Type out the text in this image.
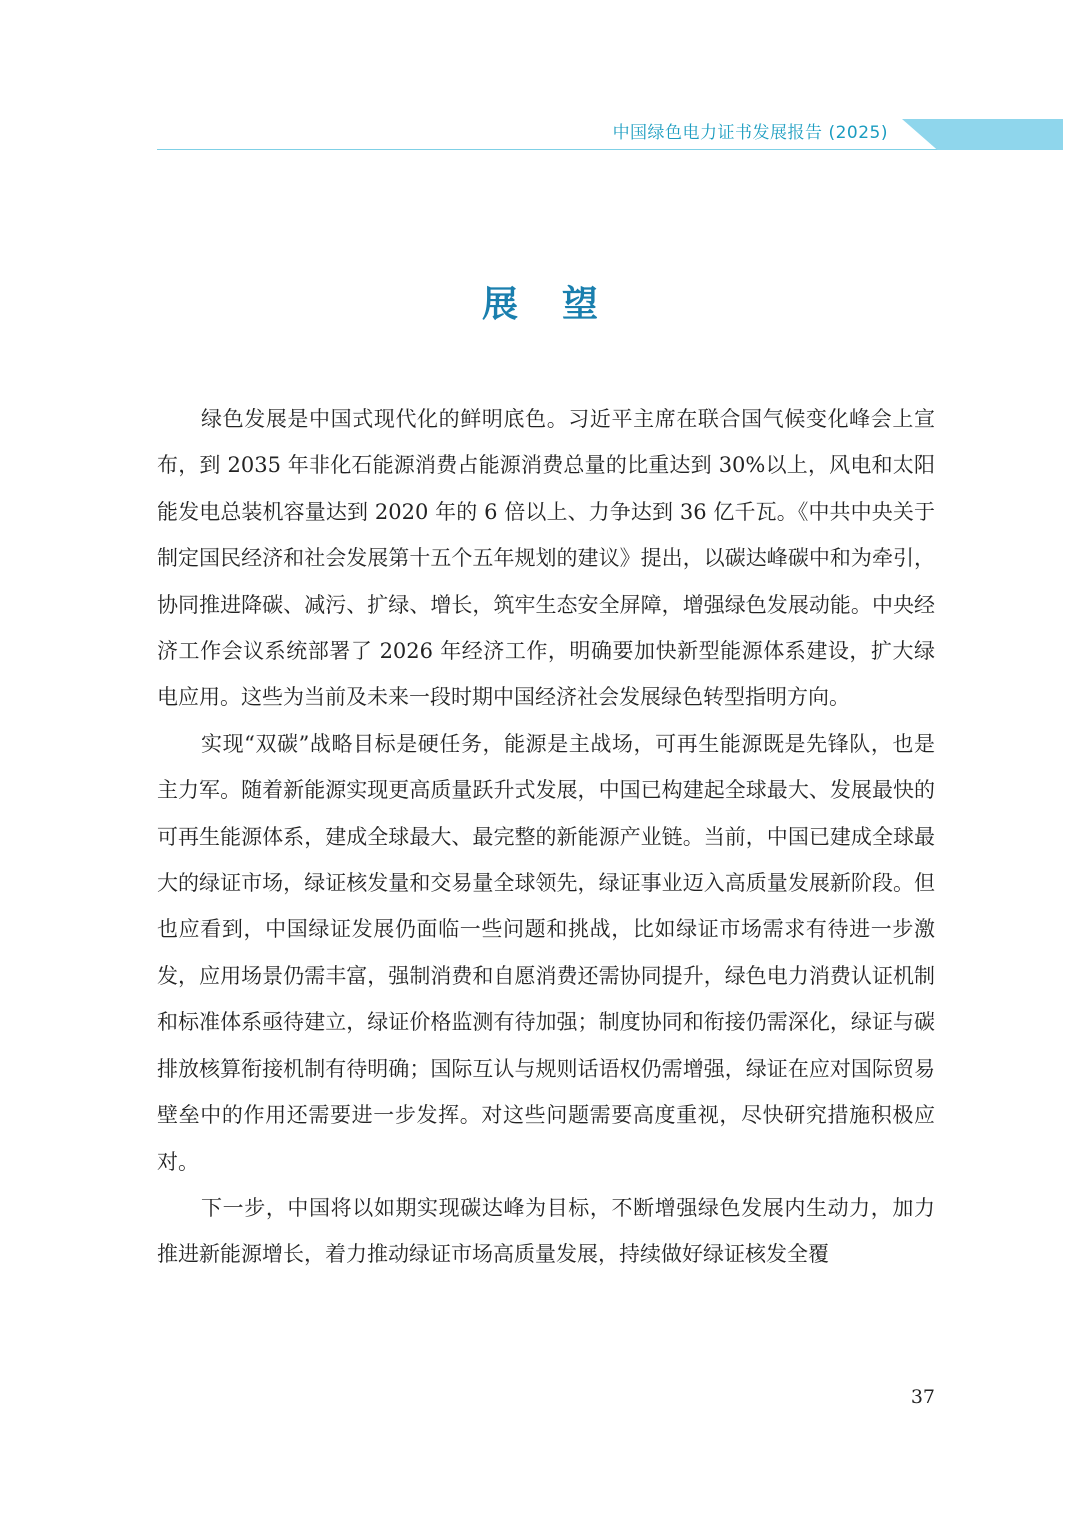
中国绿色电力证书发展报告 (2025)
展望

绿色发展是中国式现代化的鲜明底色。习近平主席在联合国气候变化峰会上宣布，到 2035 年非化石能源消费占能源消费总量的比重达到 30%以上，风电和太阳能发电总装机容量达到 2020 年的 6 倍以上、力争达到 36 亿千瓦。《中共中央关于制定国民经济和社会发展第十五个五年规划的建议》提出，以碳达峰碳中和为牵引，协同推进降碳、减污、扩绿、增长，筑牢生态安全屏障，增强绿色发展动能。中央经济工作会议系统部署了 2026 年经济工作，明确要加快新型能源体系建设，扩大绿电应用。这些为当前及未来一段时期中国经济社会发展绿色转型指明方向。

实现“双碳”战略目标是硬任务，能源是主战场，可再生能源既是先锋队，也是主力军。随着新能源实现更高质量跃升式发展，中国已构建起全球最大、发展最快的可再生能源体系，建成全球最大、最完整的新能源产业链。当前，中国已建成全球最大的绿证市场，绿证核发量和交易量全球领先，绿证事业迈入高质量发展新阶段。但也应看到，中国绿证发展仍面临一些问题和挑战，比如绿证市场需求有待进一步激发，应用场景仍需丰富，强制消费和自愿消费还需协同提升，绿色电力消费认证机制和标准体系亟待建立，绿证价格监测有待加强；制度协同和衔接仍需深化，绿证与碳排放核算衔接机制有待明确；国际互认与规则话语权仍需增强，绿证在应对国际贸易壁垒中的作用还需要进一步发挥。对这些问题需要高度重视，尽快研究措施积极应对。

下一步，中国将以如期实现碳达峰为目标，不断增强绿色发展内生动力，加力推进新能源增长，着力推动绿证市场高质量发展，持续做好绿证核发全覆

37
